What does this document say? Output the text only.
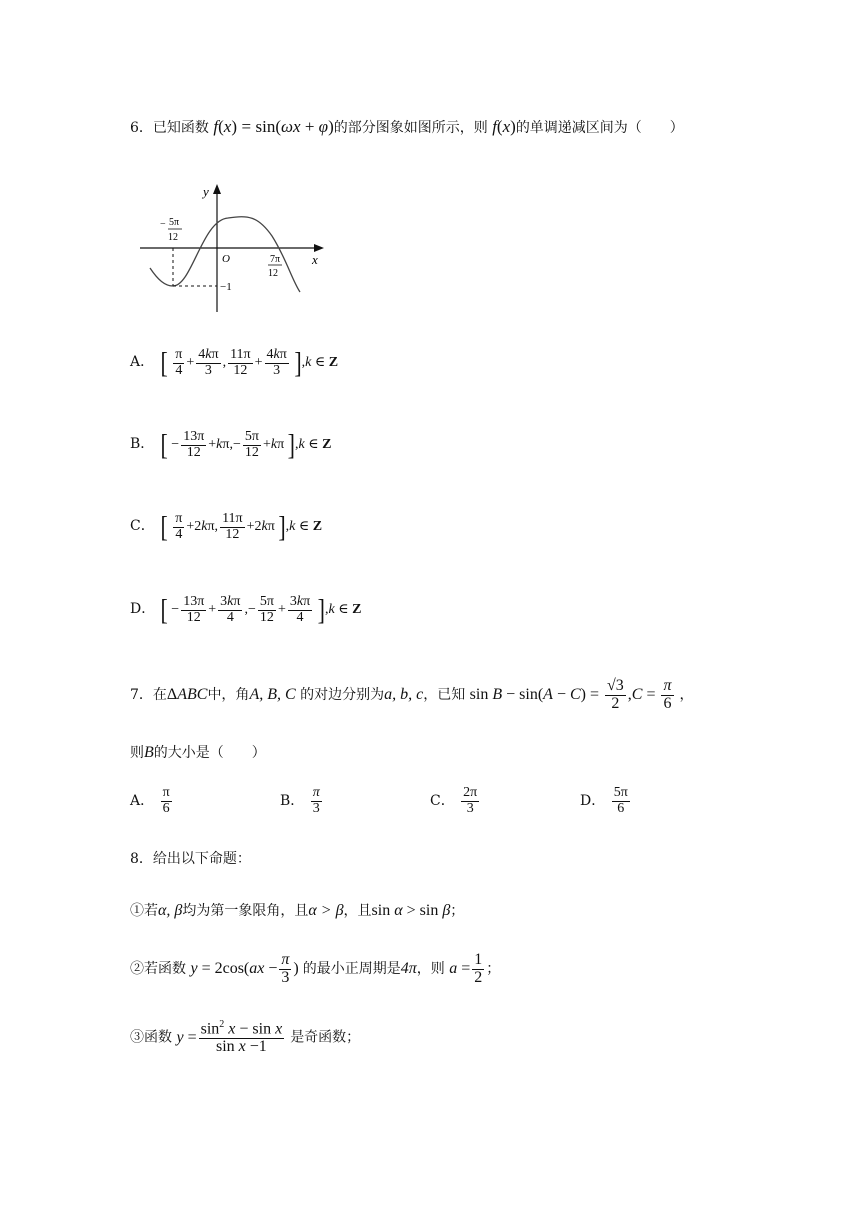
6．已知函数 f(x) = sin(ωx + φ)的部分图象如图所示，则 f(x)的单调递减区间为（　　）
y
x
O
−1
− 5π
12
7π
12
A． [ $\frac{\pi}{4} + \frac{4k\pi}{3}$ , $\frac{11\pi}{12} + \frac{4k\pi}{3} ],k$ ∈ Z
B． [ − $\frac{13\pi}{12} +k\pi,- \frac{5\pi}{12} +k\pi$ ],k ∈ Z
C． [ $\frac{\pi}{4} +2k\pi$, $\frac{11\pi}{12} +2k\pi$ ],k ∈ Z
D． [ − $\frac{13\pi}{12} + \frac{3k\pi}{4}$ ,− $\frac{5\pi}{12} + \frac{3k\pi}{4} ],k$ ∈ Z
7．在ΔABC中，角A, B, C 的对边分别为a, b, c，已知 $\sin B - \sin(A - C) = \frac{√3}{2} ,C = \frac{\pi}{6}$ ，
则B的大小是（　　）
A． $\frac{\pi}{6}$	B． $\frac{\pi}{3}$	C． $\frac{2\pi}{3}$	D． $\frac{5\pi}{6}$
8．给出以下命题：
①若α, β均为第一象限角，且α > β，且sin α > sin β；
②若函数 $y = 2\cos(ax - \frac{\pi}{3}$ ) 的最小正周期是4π，则 $a = \frac{1}{2}$ ；
③函数 $y = \frac{\sin^2 x - \sin x}{\text{sin x −1}}$ 是奇函数；
